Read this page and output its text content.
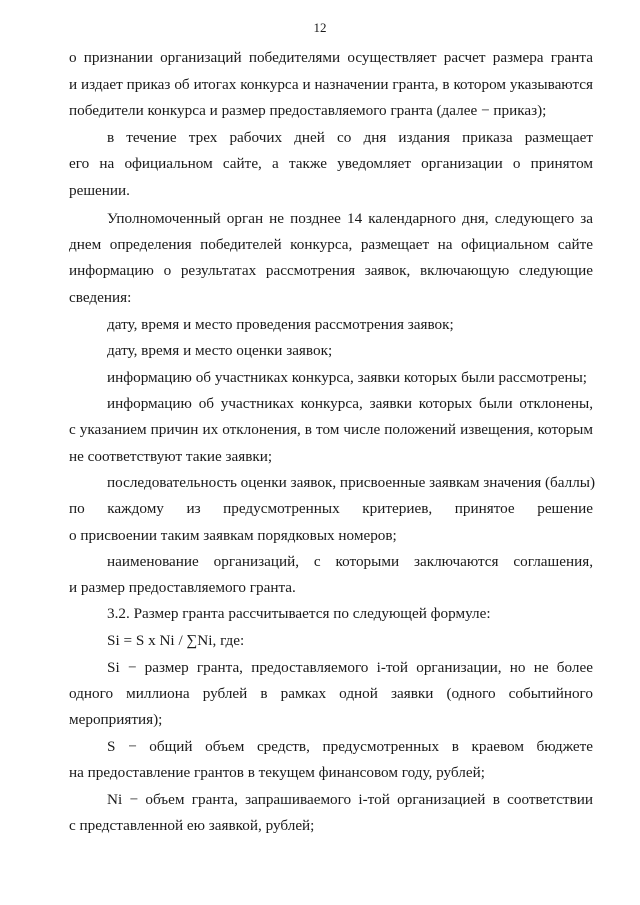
12
о признании организаций победителями осуществляет расчет размера гранта
и издает приказ об итогах конкурса и назначении гранта, в котором указываются
победители конкурса и размер предоставляемого гранта (далее − приказ);
в течение трех рабочих дней со дня издания приказа размещает
его на официальном сайте, а также уведомляет организации о принятом
решении.
Уполномоченный орган не позднее 14 календарного дня, следующего за
днем определения победителей конкурса, размещает на официальном сайте
информацию о результатах рассмотрения заявок, включающую следующие
сведения:
дату, время и место проведения рассмотрения заявок;
дату, время и место оценки заявок;
информацию об участниках конкурса, заявки которых были рассмотрены;
информацию об участниках конкурса, заявки которых были отклонены,
с указанием причин их отклонения, в том числе положений извещения, которым
не соответствуют такие заявки;
последовательность оценки заявок, присвоенные заявкам значения (баллы)
по каждому из предусмотренных критериев, принятое решение
о присвоении таким заявкам порядковых номеров;
наименование организаций, с которыми заключаются соглашения,
и размер предоставляемого гранта.
3.2. Размер гранта рассчитывается по следующей формуле:
Si = S x Ni / ∑Ni, где:
Si − размер гранта, предоставляемого i-той организации, но не более
одного миллиона рублей в рамках одной заявки (одного событийного
мероприятия);
S − общий объем средств, предусмотренных в краевом бюджете
на предоставление грантов в текущем финансовом году, рублей;
Ni − объем гранта, запрашиваемого i-той организацией в соответствии
с представленной ею заявкой, рублей;
